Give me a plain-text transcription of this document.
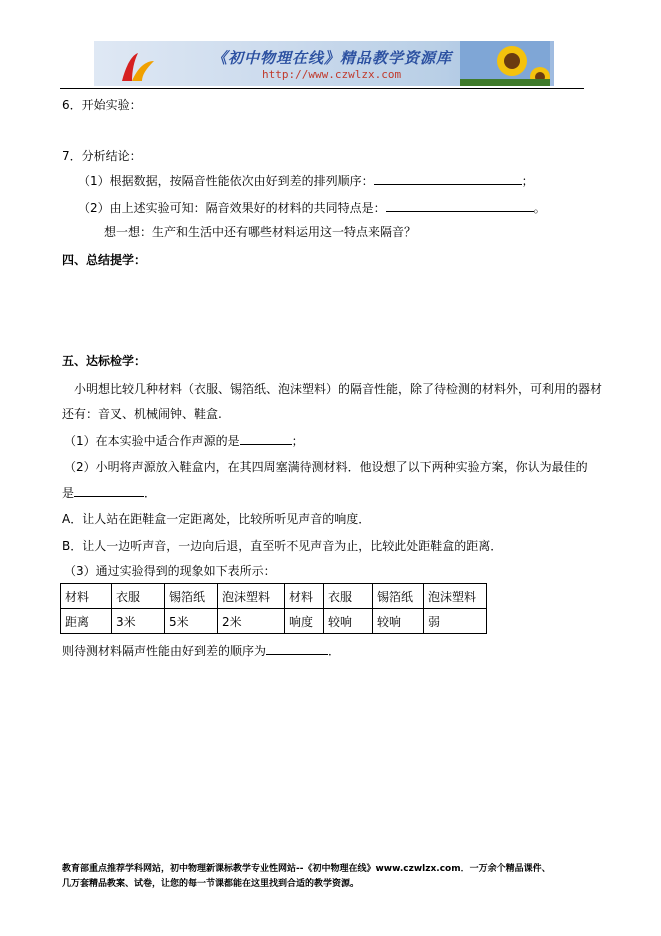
《初中物理在线》精品教学资源库
http://www.czwlzx.com
6．开始实验：
7．分析结论：
（1）根据数据，按隔音性能依次由好到差的排列顺序：	；
（2）由上述实验可知：隔音效果好的材料的共同特点是：	。
想一想：生产和生活中还有哪些材料运用这一特点来隔音？
四、总结提学：
五、达标检学：
小明想比较几种材料（衣服、锡箔纸、泡沫塑料）的隔音性能，除了待检测的材料外，可利用的器材
还有：音叉、机械闹钟、鞋盒.
（1）在本实验中适合作声源的是	；
（2）小明将声源放入鞋盒内，在其四周塞满待测材料．他设想了以下两种实验方案，你认为最佳的
是	．
A．让人站在距鞋盒一定距离处，比较所听见声音的响度．
B．让人一边听声音，一边向后退，直至听不见声音为止，比较此处距鞋盒的距离．
（3）通过实验得到的现象如下表所示：
材料	衣服	锡箔纸	泡沫塑料	材料	衣服	锡箔纸	泡沫塑料
距离	3米	5米	2米	响度	较响	较响	弱
则待测材料隔声性能由好到差的顺序为	．
教育部重点推荐学科网站，初中物理新课标教学专业性网站--《初中物理在线》www.czwlzx.com．一万余个精品课件、
几万套精品教案、试卷，让您的每一节课都能在这里找到合适的教学资源。
